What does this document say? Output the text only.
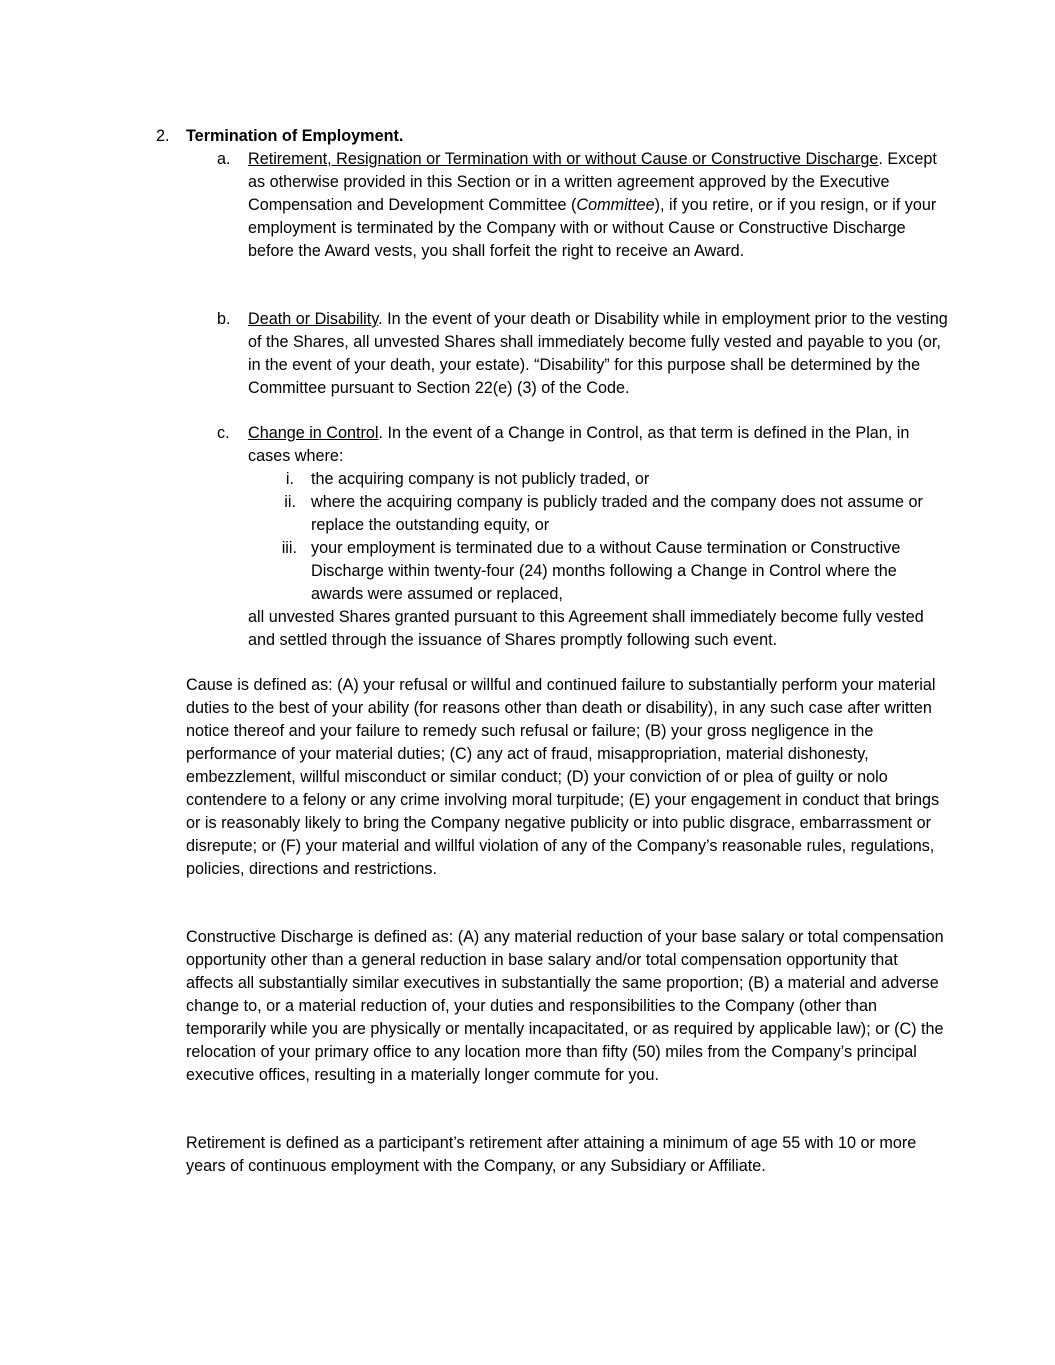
2. Termination of Employment.
a. Retirement, Resignation or Termination with or without Cause or Constructive Discharge. Except as otherwise provided in this Section or in a written agreement approved by the Executive Compensation and Development Committee (Committee), if you retire, or if you resign, or if your employment is terminated by the Company with or without Cause or Constructive Discharge before the Award vests, you shall forfeit the right to receive an Award.

b. Death or Disability. In the event of your death or Disability while in employment prior to the vesting of the Shares, all unvested Shares shall immediately become fully vested and payable to you (or, in the event of your death, your estate). “Disability” for this purpose shall be determined by the Committee pursuant to Section 22(e) (3) of the Code.

c. Change in Control. In the event of a Change in Control, as that term is defined in the Plan, in cases where:

i. the acquiring company is not publicly traded, or

ii. where the acquiring company is publicly traded and the company does not assume or replace the outstanding equity, or

iii. your employment is terminated due to a without Cause termination or Constructive Discharge within twenty-four (24) months following a Change in Control where the awards were assumed or replaced,

all unvested Shares granted pursuant to this Agreement shall immediately become fully vested and settled through the issuance of Shares promptly following such event.

Cause is defined as: (A) your refusal or willful and continued failure to substantially perform your material duties to the best of your ability (for reasons other than death or disability), in any such case after written notice thereof and your failure to remedy such refusal or failure; (B) your gross negligence in the performance of your material duties; (C) any act of fraud, misappropriation, material dishonesty, embezzlement, willful misconduct or similar conduct; (D) your conviction of or plea of guilty or nolo contendere to a felony or any crime involving moral turpitude; (E) your engagement in conduct that brings or is reasonably likely to bring the Company negative publicity or into public disgrace, embarrassment or disrepute; or (F) your material and willful violation of any of the Company’s reasonable rules, regulations, policies, directions and restrictions.

Constructive Discharge is defined as: (A) any material reduction of your base salary or total compensation opportunity other than a general reduction in base salary and/or total compensation opportunity that affects all substantially similar executives in substantially the same proportion; (B) a material and adverse change to, or a material reduction of, your duties and responsibilities to the Company (other than temporarily while you are physically or mentally incapacitated, or as required by applicable law); or (C) the relocation of your primary office to any location more than fifty (50) miles from the Company’s principal executive offices, resulting in a materially longer commute for you.

Retirement is defined as a participant’s retirement after attaining a minimum of age 55 with 10 or more years of continuous employment with the Company, or any Subsidiary or Affiliate.
